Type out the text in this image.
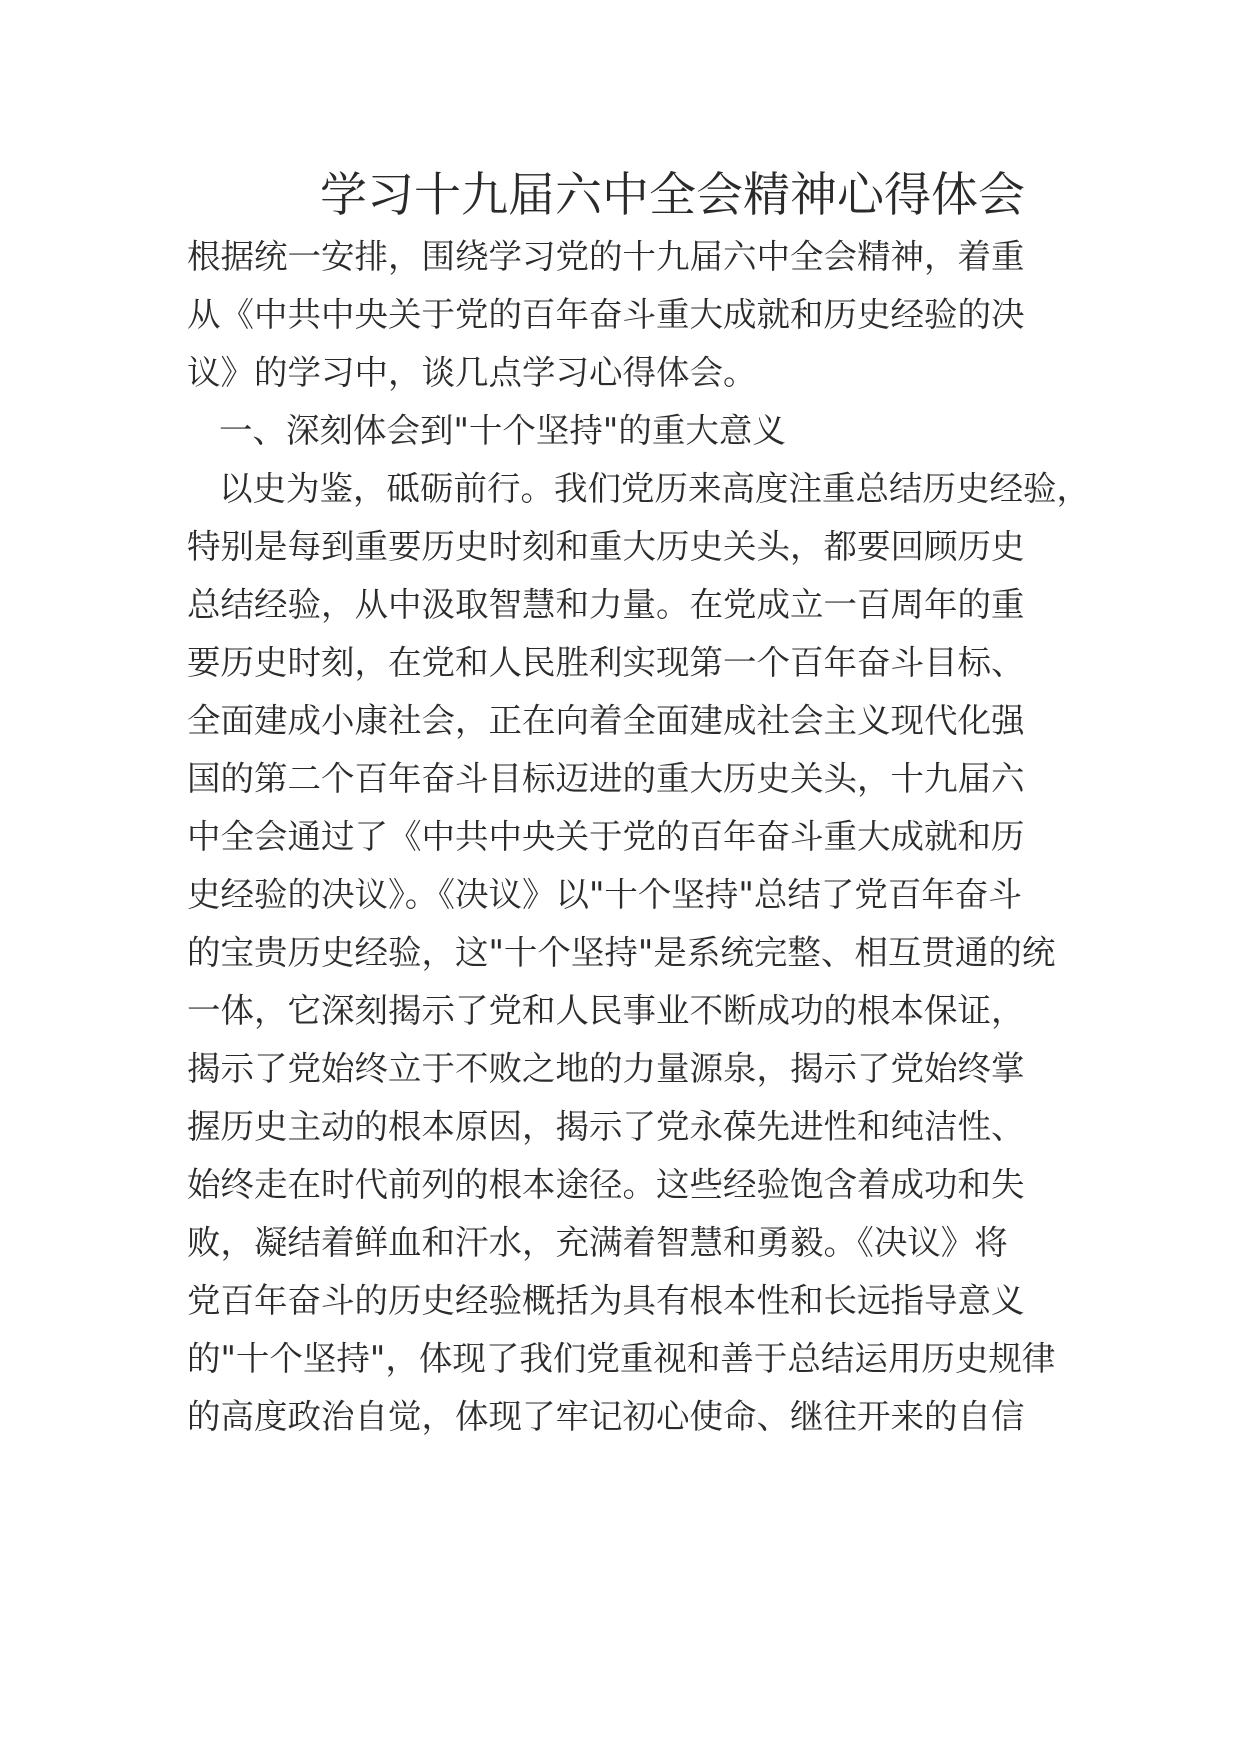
学习十九届六中全会精神心得体会
根据统一安排，围绕学习党的十九届六中全会精神，着重
从《中共中央关于党的百年奋斗重大成就和历史经验的决
议》的学习中，谈几点学习心得体会。
一、深刻体会到"十个坚持"的重大意义
以史为鉴，砥砺前行。我们党历来高度注重总结历史经验，
特别是每到重要历史时刻和重大历史关头，都要回顾历史
总结经验，从中汲取智慧和力量。在党成立一百周年的重
要历史时刻，在党和人民胜利实现第一个百年奋斗目标、
全面建成小康社会，正在向着全面建成社会主义现代化强
国的第二个百年奋斗目标迈进的重大历史关头，十九届六
中全会通过了《中共中央关于党的百年奋斗重大成就和历
史经验的决议》。《决议》以"十个坚持"总结了党百年奋斗
的宝贵历史经验，这"十个坚持"是系统完整、相互贯通的统
一体，它深刻揭示了党和人民事业不断成功的根本保证，
揭示了党始终立于不败之地的力量源泉，揭示了党始终掌
握历史主动的根本原因，揭示了党永葆先进性和纯洁性、
始终走在时代前列的根本途径。这些经验饱含着成功和失
败，凝结着鲜血和汗水，充满着智慧和勇毅。《决议》将
党百年奋斗的历史经验概括为具有根本性和长远指导意义
的"十个坚持"，体现了我们党重视和善于总结运用历史规律
的高度政治自觉，体现了牢记初心使命、继往开来的自信
